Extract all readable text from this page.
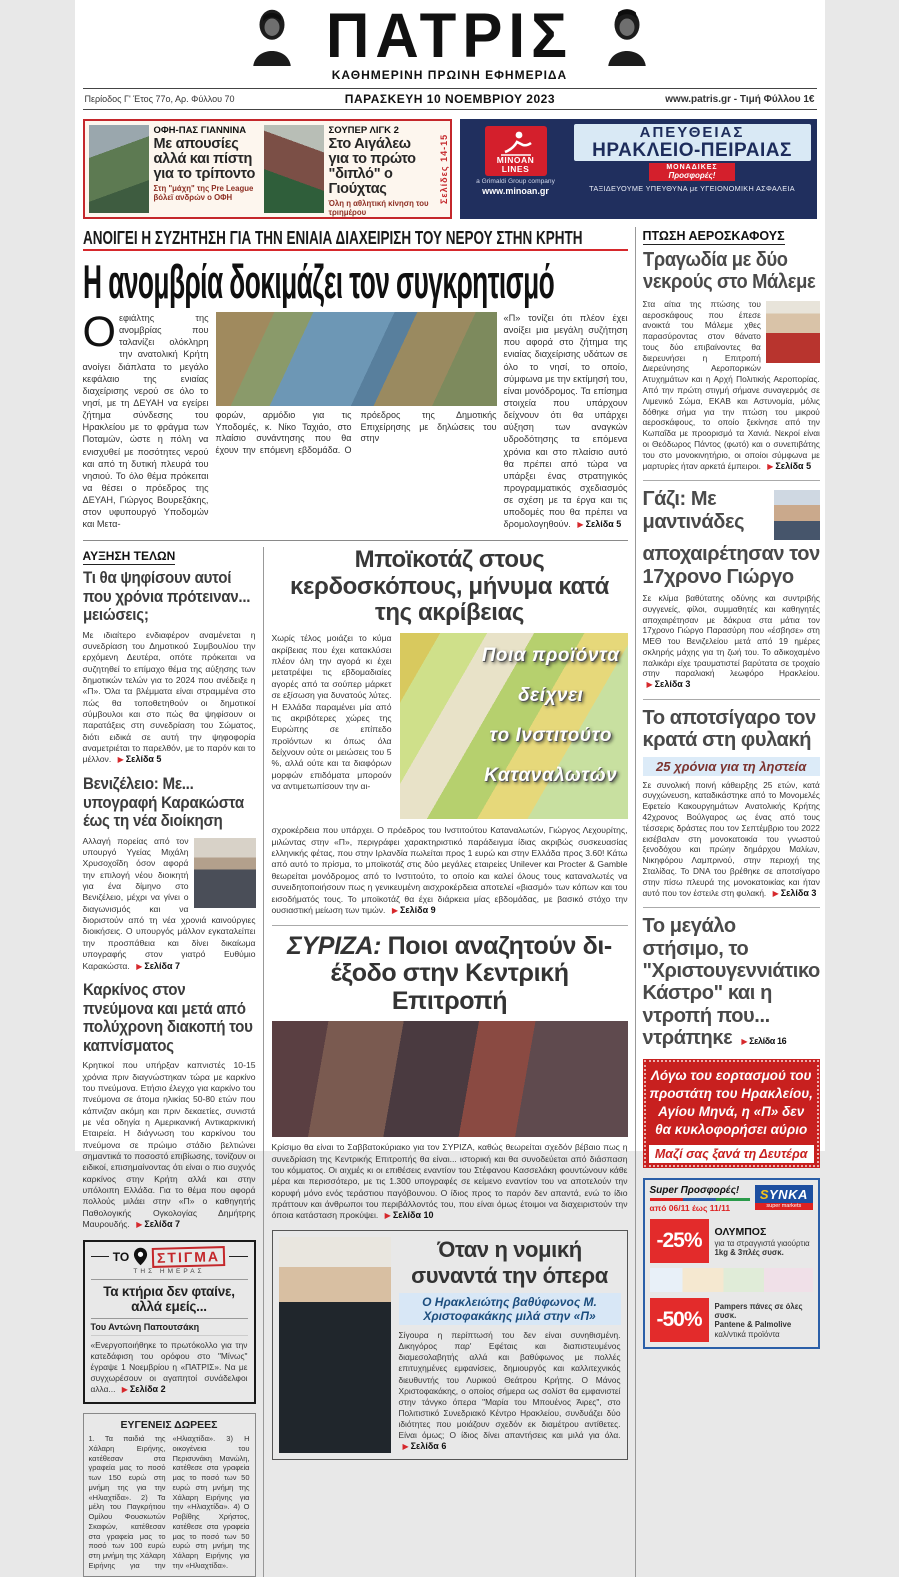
ΠΑΤΡΙΣ
ΚΑΘΗΜΕΡΙΝΗ ΠΡΩΙΝΗ ΕΦΗΜΕΡΙΔΑ
Περίοδος Γ' Έτος 77ο, Αρ. Φύλλου 70	ΠΑΡΑΣΚΕΥΗ 10 ΝΟΕΜΒΡΙΟΥ 2023	www.patris.gr - Τιμή Φύλλου 1€
ΟΦΗ-ΠΑΣ ΓΙΑΝΝΙΝΑ
Με απουσίες αλλά και πίστη για το τρίποντο
Στη "μάχη" της Pre League βόλεϊ ανδρών ο ΟΦΗ
ΣΟΥΠΕΡ ΛΙΓΚ 2
Στο Αιγάλεω για το πρώτο "διπλό" ο Γιούχτας
Όλη η αθλητική κίνηση του τριημέρου
Σελίδες 14-15	MINOAN LINES
a Grimaldi Group company
www.minoan.gr
ΑΠΕΥΘΕΙΑΣ
ΗΡΑΚΛΕΙΟ-ΠΕΙΡΑΙΑΣ
ΜΟΝΑΔΙΚΕΣ
Προσφορές!
ΤΑΞΙΔΕΥΟΥΜΕ ΥΠΕΥΘΥΝΑ με ΥΓΕΙΟΝΟΜΙΚΗ ΑΣΦΑΛΕΙΑ
ΑΝΟΙΓΕΙ Η ΣΥΖΗΤΗΣΗ ΓΙΑ ΤΗΝ ΕΝΙΑΙΑ ΔΙΑΧΕΙΡΙΣΗ ΤΟΥ ΝΕΡΟΥ ΣΤΗΝ ΚΡΗΤΗ
Η ανομβρία δοκιμάζει τον συγκρητισμό
Οεφιάλτης της ανομβρίας που ταλανίζει ολόκληρη την ανατολική Κρήτη ανοίγει διάπλατα το μεγάλο κεφάλαιο της ενιαίας διαχείρισης νερού σε όλο το νησί, με τη ΔΕΥΑΗ να εγείρει ζήτημα σύνδεσης του Ηρακλείου με το φράγμα των Ποταμών, ώστε η πόλη να ενισχυθεί με ποσότητες νερού και από τη δυτική πλευρά του νησιού. Το όλο θέμα πρόκειται να θέσει ο πρόεδρος της ΔΕΥΑΗ, Γιώργος Βουρεξάκης, στον υφυπουργό Υποδομών και Μετα-
φορών, αρμόδιο για τις Υποδομές, κ. Νίκο Ταχιάο, στο πλαίσιο συνάντησης που θα έχουν την επόμενη εβδομάδα. Ο πρόεδρος της Δημοτικής Επιχείρησης με δηλώσεις του στην
«Π» τονίζει ότι πλέον έχει ανοίξει μια μεγάλη συζήτηση που αφορά στο ζήτημα της ενιαίας διαχείρισης υδάτων σε όλο το νησί, το οποίο, σύμφωνα με την εκτίμησή του, είναι μονόδρομος. Τα επίσημα στοιχεία που υπάρχουν δείχνουν ότι θα υπάρχει αύξηση των αναγκών υδροδότησης τα επόμενα χρόνια και στο πλαίσιο αυτό θα πρέπει από τώρα να υπάρξει ένας στρατηγικός προγραμματικός σχεδιασμός σε σχέση με τα έργα και τις υποδομές που θα πρέπει να δρομολογηθούν. ▶ Σελίδα 5
ΑΥΞΗΣΗ ΤΕΛΩΝ
Τι θα ψηφίσουν αυτοί που χρόνια πρότειναν... μειώσεις;

Με ιδιαίτερο ενδιαφέρον αναμένεται η συνεδρίαση του Δημοτικού Συμβουλίου την ερχόμενη Δευτέρα, οπότε πρόκειται να συζητηθεί το επίμαχο θέμα της αύξησης των δημοτικών τελών για το 2024 που ανέδειξε η «Π». Όλα τα βλέμματα είναι στραμμένα στο πώς θα τοποθετηθούν οι δημοτικοί σύμβουλοι και στο πώς θα ψηφίσουν οι παρατάξεις στη συνεδρίαση του Σώματος, διότι ειδικά σε αυτή την ψηφοφορία αναμετριέται το παρελθόν, με το παρόν και το μέλλον. ▶ Σελίδα 5

Βενιζέλειο: Με... υπογραφή Καρακώστα έως τη νέα διοίκηση

Αλλαγή πορείας από τον υπουργό Υγείας Μιχάλη Χρυσοχοΐδη όσον αφορά την επιλογή νέου διοικητή για ένα δίμηνο στο Βενιζέλειο, μέχρι να γίνει ο διαγωνισμός και να διοριστούν από τη νέα χρονιά καινούργιες διοικήσεις. Ο υπουργός μάλλον εγκαταλείπει την προσπάθεια και δίνει δικαίωμα υπογραφής στον γιατρό Ευθύμιο Καρακώστα. ▶ Σελίδα 7

Καρκίνος στον πνεύμονα και μετά από πολύχρονη διακοπή του καπνίσματος

Κρητικοί που υπήρξαν καπνιστές 10-15 χρόνια πριν διαγνώστηκαν τώρα με καρκίνο του πνεύμονα. Ετήσιο έλεγχο για καρκίνο του πνεύμονα σε άτομα ηλικίας 50-80 ετών που κάπνιζαν ακόμη και πριν δεκαετίες, συνιστά με νέα οδηγία η Αμερικανική Αντικαρκινική Εταιρεία. Η διάγνωση του καρκίνου του πνεύμονα σε πρώιμο στάδιο βελτιώνει σημαντικά το ποσοστό επιβίωσης, τονίζουν οι ειδικοί, επισημαίνοντας ότι είναι ο πιο συχνός καρκίνος στην Κρήτη αλλά και στην υπόλοιπη Ελλάδα. Για το θέμα που αφορά πολλούς μιλάει στην «Π» ο καθηγητής Παθολογικής Ογκολογίας Δημήτρης Μαυρουδής. ▶ Σελίδα 7

ΤΟ	ΣΤΙΓΜΑ
ΤΗΣ ΗΜΕΡΑΣ
Τα κτήρια δεν φταίνε, αλλά εμείς...
Του Αντώνη Παπουτσάκη

«Ενεργοποιήθηκε το πρωτόκολλο για την κατεδάφιση του ορόφου στο "Μίνως" έγραψε 1 Νοεμβρίου η «ΠΑΤΡΙΣ». Να με συγχωρέσουν οι αγαπητοί συνάδελφοι αλλα... ▶ Σελίδα 2

ΕΥΓΕΝΕΙΣ ΔΩΡΕΕΣ
1. Τα παιδιά της Χάλαρη Ειρήνης, κατέθεσαν στα γραφεία μας το ποσό των 150 ευρώ στη μνήμη της για την «Ηλιαχτίδα». 2) Τα μέλη του Παγκρήτιου Ομίλου Φουσκωτών Σκαφών, κατέθεσαν στα γραφεία μας το ποσό των 100 ευρώ στη μνήμη της Χάλαρη Ειρήνης για την «Ηλιαχτίδα». 3) Η οικογένεια του Περισυνάκη Μανώλη, κατέθεσε στα γραφεία μας το ποσό των 50 ευρώ στη μνήμη της Χάλαρη Ειρήνης για την «Ηλιαχτίδα». 4) Ο Ροβίθης Χρήστος, κατέθεσε στα γραφεία μας το ποσό των 50 ευρώ στη μνήμη της Χάλαρη Ειρήνης για την «Ηλιαχτίδα».
Μποϊκοτάζ στους κερδοσκόπους, μήνυμα κατά της ακρίβειας

Χωρίς τέλος μοιάζει το κύμα ακρίβειας που έχει κατακλύσει πλέον όλη την αγορά κι έχει μετατρέψει τις εβδομαδιαίες αγορές από τα σούπερ μάρκετ σε εξίσωση για δυνατούς λύτες. Η Ελλάδα παραμένει μία από τις ακριβότερες χώρες της Ευρώπης σε επίπεδο προϊόντων κι όπως όλα δείχνουν ούτε οι μειώσεις του 5 %, αλλά ούτε και τα διαφόρων μορφών επιδόματα μπορούν να αντιμετωπίσουν την αι-

Ποια προϊόντα
δείχνει
το Ινστιτούτο
Καταναλωτών

σχροκέρδεια που υπάρχει. Ο πρόεδρος του Ινστιτούτου Καταναλωτών, Γιώργος Λεχουρίτης, μιλώντας στην «Π», περιγράφει χαρακτηριστικό παράδειγμα ίδιας ακριβώς συσκευασίας ελληνικής φέτας, που στην Ιρλανδία πωλείται προς 1 ευρώ και στην Ελλάδα προς 3.60! Κάτω από αυτό το πρίσμα, το μποϊκοτάζ στις δύο μεγάλες εταιρείες Unilever και Procter & Gamble θεωρείται μονόδρομος από το Ινστιτούτο, το οποίο και καλεί όλους τους καταναλωτές να συνειδητοποιήσουν πως η γενικευμένη αισχροκέρδεια αποτελεί «βιασμό» των κόπων και του εισοδήματός τους. Το μποϊκοτάζ θα έχει διάρκεια μίας εβδομάδας, με βασικό στόχο την ουσιαστική μείωση των τιμών. ▶ Σελίδα 9

ΣΥΡΙΖΑ: Ποιοι αναζητούν δι-έξοδο στην Κεντρική Επιτροπή

Κρίσιμο θα είναι το Σαββατοκύριακο για τον ΣΥΡΙΖΑ, καθώς θεωρείται σχεδόν βέβαιο πως η συνεδρίαση της Κεντρικής Επιτροπής θα είναι... ιστορική και θα συνοδεύεται από διάσπαση του κόμματος. Οι αιχμές κι οι επιθέσεις εναντίον του Στέφανου Κασσελάκη φουντώνουν κάθε μέρα και περισσότερο, με τις 1.300 υπογραφές σε κείμενο εναντίον του να αποτελούν την κορυφή μόνο ενός τεράστιου παγόβουνου. Ο ίδιος προς το παρόν δεν απαντά, ενώ το ίδιο πράττουν και άνθρωποι του περιβάλλοντός του, που είναι όμως έτοιμοι να διαχειριστούν την όποια κατάσταση προκύψει. ▶ Σελίδα 10

Όταν η νομική συναντά την όπερα
Ο Ηρακλειώτης βαθύφωνος Μ. Χριστοφακάκης μιλά στην «Π»

Σίγουρα η περίπτωσή του δεν είναι συνηθισμένη. Δικηγόρος παρ' Εφέταις και διαπιστευμένος διαμεσολαβητής αλλά και βαθύφωνος με πολλές επιτυχημένες εμφανίσεις, δημιουργός και καλλιτεχνικός διευθυντής του Λυρικού Θεάτρου Κρήτης. Ο Μάνος Χριστοφακάκης, ο οποίος σήμερα ως σολίστ θα εμφανιστεί στην τάνγκο όπερα "Μαρία του Μπουένος Άιρες", στο Πολιτιστικό Συνεδριακό Κέντρο Ηρακλείου, συνδυάζει δύο ιδιότητες που μοιάζουν σχεδόν εκ διαμέτρου αντίθετες. Είναι όμως; Ο ίδιος δίνει απαντήσεις και μιλά για όλα. ▶ Σελίδα 6

ΠΤΩΣΗ ΑΕΡΟΣΚΑΦΟΥΣ
Τραγωδία με δύο νεκρούς στο Μάλεμε

Στα αίτια της πτώσης του αεροσκάφους που έπεσε ανοικτά του Μάλεμε χθες παρασύροντας στον θάνατο τους δύο επιβαίνοντες θα διερευνήσει η Επιτροπή Διερεύνησης Αεροπορικών Ατυχημάτων και η Αρχή Πολιτικής Αεροπορίας. Από την πρώτη στιγμή σήμανε συναγερμός σε Λιμενικό Σώμα, ΕΚΑΒ και Αστυνομία, μόλις δόθηκε σήμα για την πτώση του μικρού αεροσκάφους, το οποίο ξεκίνησε από την Κωπαΐδα με προορισμό τα Χανιά. Νεκροί είναι οι Θεόδωρος Πάντος (φωτό) και ο συνεπιβάτης του στο μονοκινητήριο, οι οποίοι σύμφωνα με μαρτυρίες ήταν αρκετά έμπειροι. ▶ Σελίδα 5

Γάζι: Με μαντινάδες αποχαιρέτησαν τον 17χρονο Γιώργο

Σε κλίμα βαθύτατης οδύνης και συντριβής συγγενείς, φίλοι, συμμαθητές και καθηγητές αποχαιρέτησαν με δάκρυα στα μάτια τον 17χρονο Γιώργο Παρασύρη που «έσβησε» στη ΜΕΘ του Βενιζελείου μετά από 19 ημέρες σκληρής μάχης για τη ζωή του. Το αδικοχαμένο παλικάρι είχε τραυματιστεί βαρύτατα σε τροχαίο στην παραλιακή λεωφόρο Ηρακλείου. ▶ Σελίδα 3

Το αποτσίγαρο τον κρατά στη φυλακή
25 χρόνια για τη ληστεία

Σε συνολική ποινή κάθειρξης 25 ετών, κατά συγχώνευση, καταδικάστηκε από το Μονομελές Εφετείο Κακουργημάτων Ανατολικής Κρήτης 42χρονος Βούλγαρος ως ένας από τους τέσσερις δράστες που τον Σεπτέμβριο του 2022 εισέβαλαν στη μονοκατοικία του γνωστού ξενοδόχου και πρώην δημάρχου Μαλίων, Νικηφόρου Λαμπρινού, στην περιοχή της Σταλίδας. Το DNA του βρέθηκε σε αποτσίγαρο στην πίσω πλευρά της μονοκατοικίας και ήταν αυτό που τον έστειλε στη φυλακή. ▶ Σελίδα 3

Το μεγάλο στήσιμο, το "Χριστουγεννιάτικο Κάστρο" και η ντροπή που... ντράπηκε ▶ Σελίδα 16
Λόγω του εορτασμού του προστάτη του Ηρακλείου, Αγίου Μηνά, η «Π» δεν θα κυκλοφορήσει αύριο
Μαζί σας ξανά τη Δευτέρα
Super Προσφορές!
από 06/11 έως 11/11
SYNKA
super markets
-25%	ΟΛΥΜΠΟΣ
για τα στραγγιστά γιαούρτια
1kg & 3πλές συσκ.
-50%
Pampers πάνες σε όλες συσκ.
Pantene & Palmolive
καλ/ντικά προϊόντα
